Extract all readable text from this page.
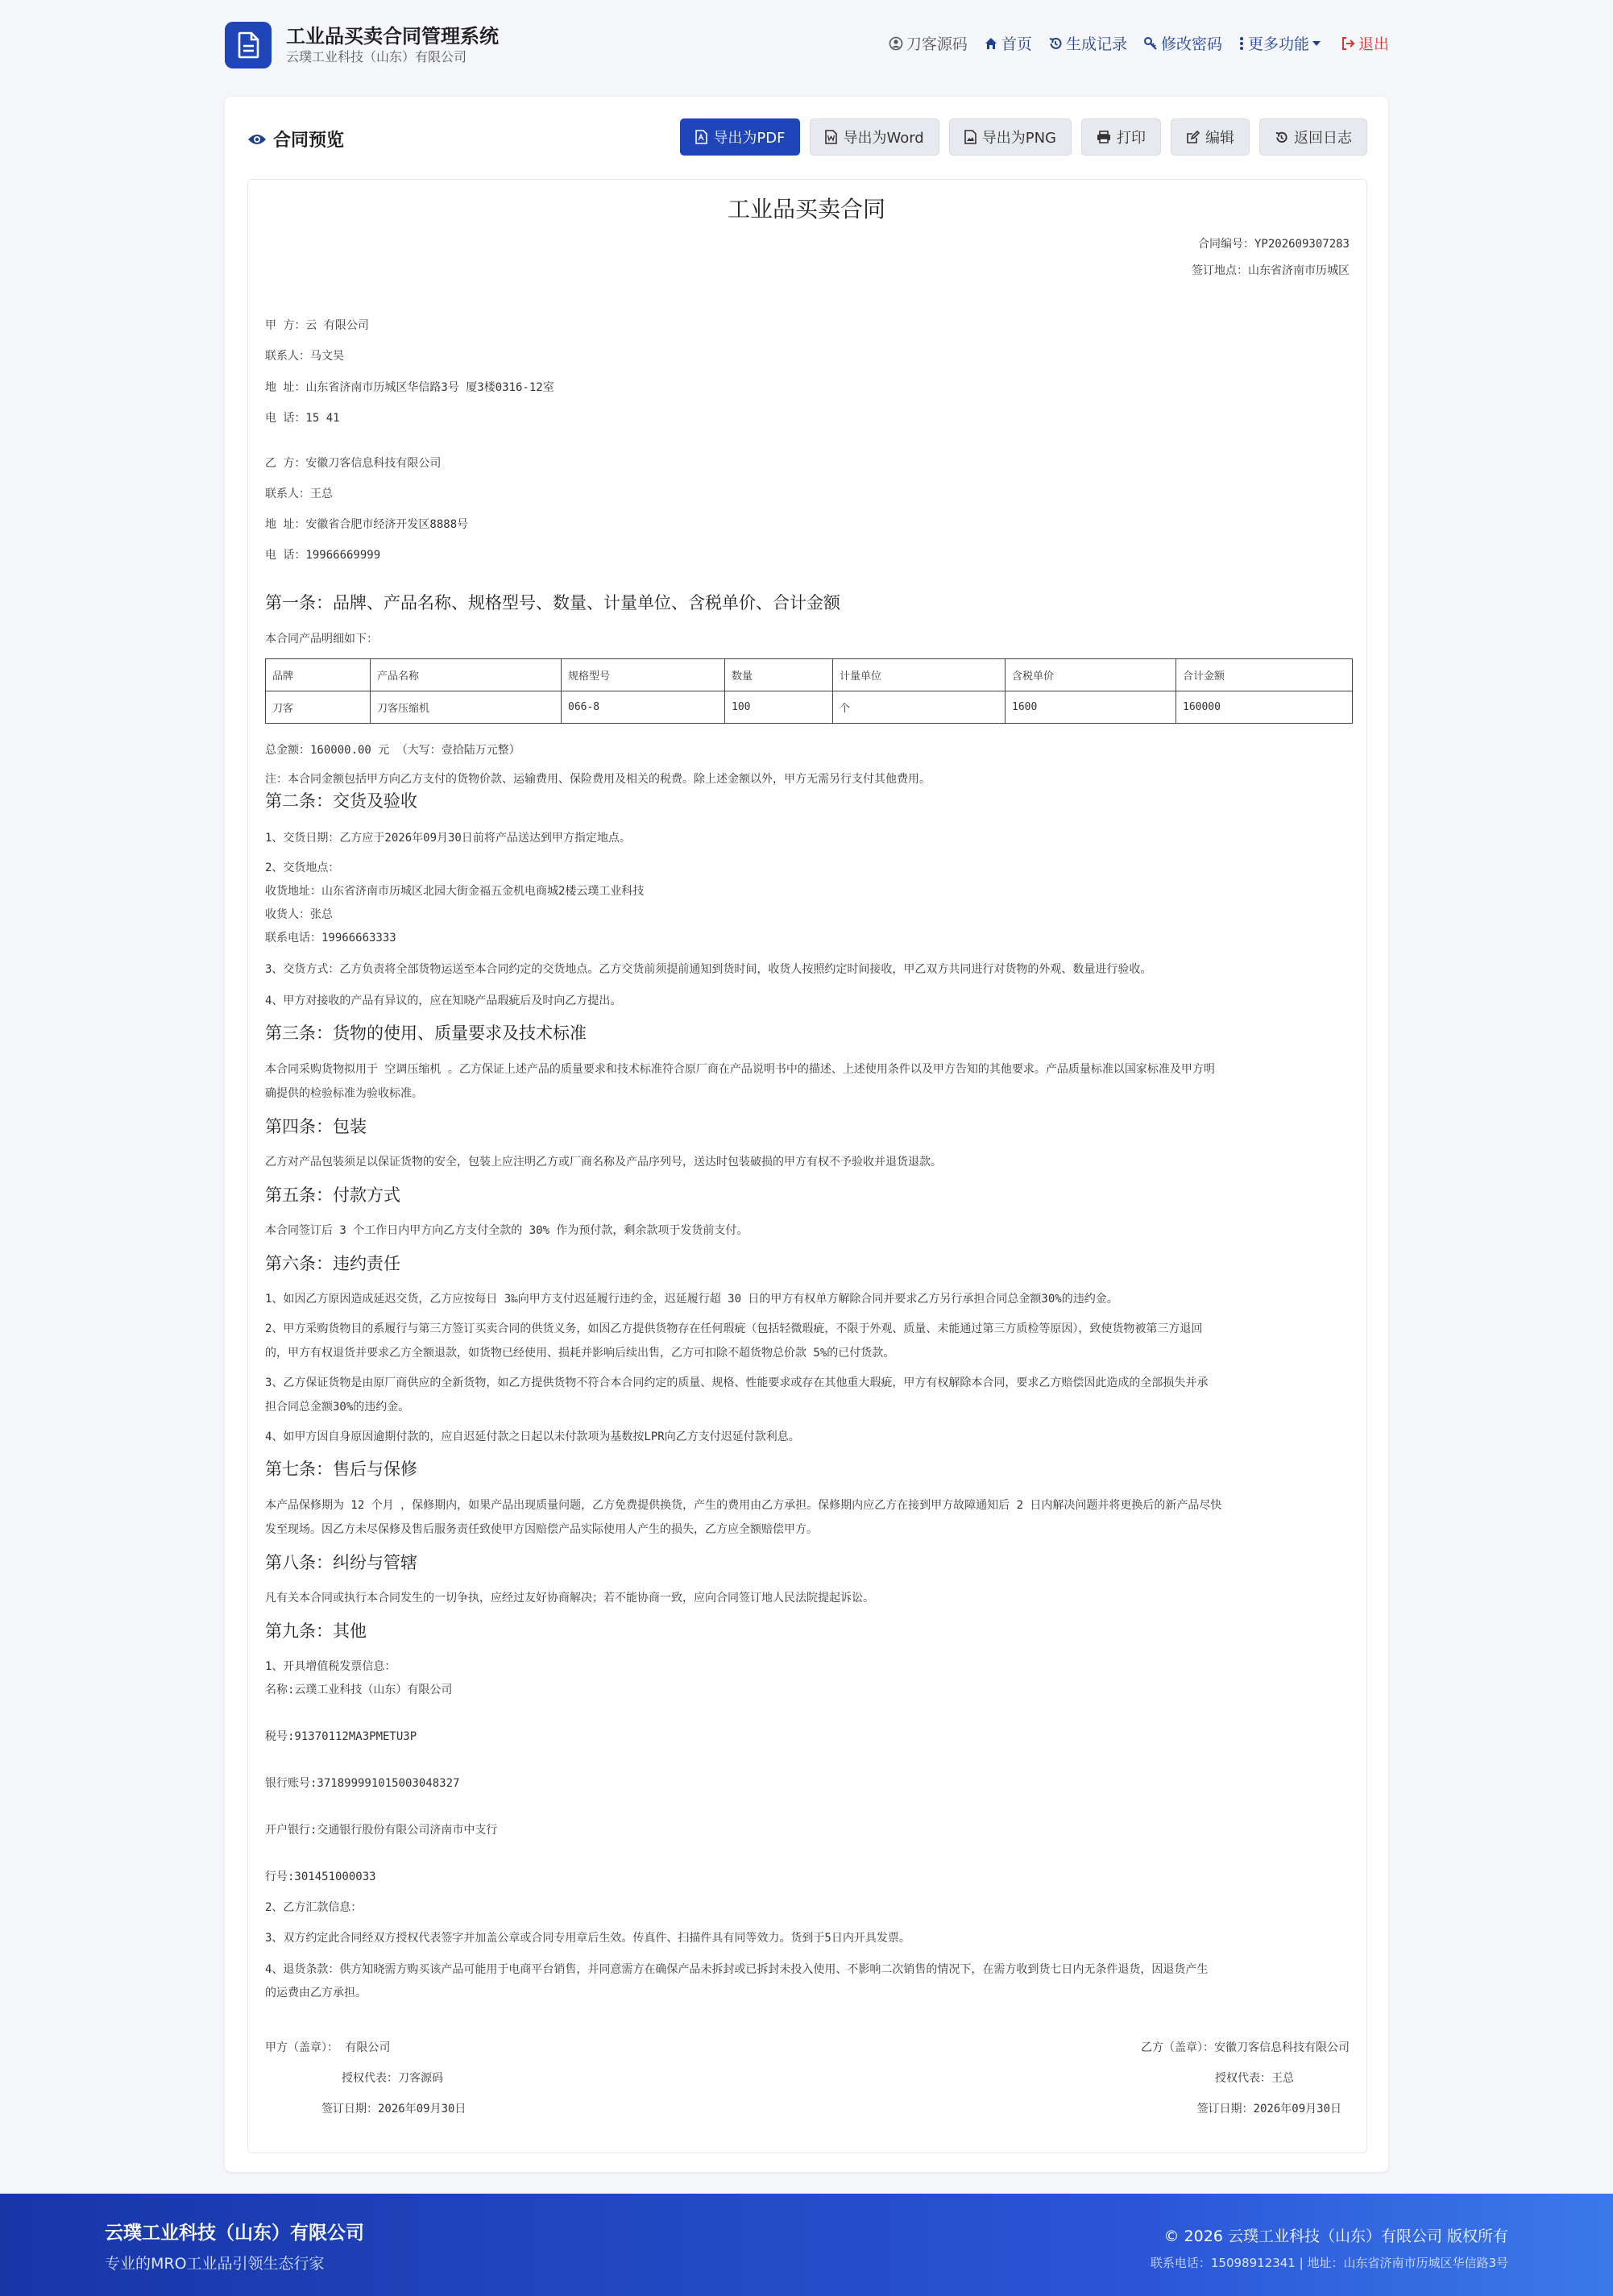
工业品买卖合同管理系统
云璞工业科技（山东）有限公司
刀客源码 首页 生成记录 修改密码 更多功能	退出
合同预览	导出为PDF	导出为Word	导出为PNG	打印	编辑	返回日志
工业品买卖合同
合同编号：YP202609307283
签订地点：山东省济南市历城区
甲 方：云 有限公司
联系人：马文昊
地 址：山东省济南市历城区华信路3号 厦3楼0316-12室
电 话：15 41
乙 方：安徽刀客信息科技有限公司
联系人：王总
地 址：安徽省合肥市经济开发区8888号
电 话：19966669999
第一条：品牌、产品名称、规格型号、数量、计量单位、含税单价、合计金额
本合同产品明细如下：
品牌	产品名称	规格型号	数量	计量单位	含税单价	合计金额
刀客	刀客压缩机	066-8	100	个	1600	160000
总金额：160000.00 元 （大写：壹拾陆万元整）
注：本合同金额包括甲方向乙方支付的货物价款、运输费用、保险费用及相关的税费。除上述金额以外，甲方无需另行支付其他费用。
第二条：交货及验收
1、交货日期：乙方应于2026年09月30日前将产品送达到甲方指定地点。
2、交货地点：
收货地址：山东省济南市历城区北园大街金福五金机电商城2楼云璞工业科技
收货人：张总
联系电话：19966663333
3、交货方式：乙方负责将全部货物运送至本合同约定的交货地点。乙方交货前须提前通知到货时间，收货人按照约定时间接收，甲乙双方共同进行对货物的外观、数量进行验收。
4、甲方对接收的产品有异议的，应在知晓产品瑕疵后及时向乙方提出。
第三条：货物的使用、质量要求及技术标准
本合同采购货物拟用于 空调压缩机 。乙方保证上述产品的质量要求和技术标准符合原厂商在产品说明书中的描述、上述使用条件以及甲方告知的其他要求。产品质量标准以国家标准及甲方明
确提供的检验标准为验收标准。
第四条：包装
乙方对产品包装须足以保证货物的安全，包装上应注明乙方或厂商名称及产品序列号，送达时包装破损的甲方有权不予验收并退货退款。
第五条：付款方式
本合同签订后 3 个工作日内甲方向乙方支付全款的 30% 作为预付款，剩余款项于发货前支付。
第六条：违约责任
1、如因乙方原因造成延迟交货，乙方应按每日 3‰向甲方支付迟延履行违约金，迟延履行超 30 日的甲方有权单方解除合同并要求乙方另行承担合同总金额30%的违约金。
2、甲方采购货物目的系履行与第三方签订买卖合同的供货义务，如因乙方提供货物存在任何瑕疵（包括轻微瑕疵，不限于外观、质量、未能通过第三方质检等原因），致使货物被第三方退回
的，甲方有权退货并要求乙方全额退款，如货物已经使用、损耗并影响后续出售，乙方可扣除不超货物总价款 5%的已付货款。
3、乙方保证货物是由原厂商供应的全新货物，如乙方提供货物不符合本合同约定的质量、规格、性能要求或存在其他重大瑕疵，甲方有权解除本合同，要求乙方赔偿因此造成的全部损失并承
担合同总金额30%的违约金。
4、如甲方因自身原因逾期付款的，应自迟延付款之日起以未付款项为基数按LPR向乙方支付迟延付款利息。
第七条：售后与保修
本产品保修期为 12 个月 ，保修期内，如果产品出现质量问题，乙方免费提供换货，产生的费用由乙方承担。保修期内应乙方在接到甲方故障通知后 2 日内解决问题并将更换后的新产品尽快
发至现场。因乙方未尽保修及售后服务责任致使甲方因赔偿产品实际使用人产生的损失，乙方应全额赔偿甲方。
第八条：纠纷与管辖
凡有关本合同或执行本合同发生的一切争执，应经过友好协商解决；若不能协商一致，应向合同签订地人民法院提起诉讼。
第九条：其他
1、开具增值税发票信息：
名称:云璞工业科技（山东）有限公司
税号:91370112MA3PMETU3P
银行账号:371899991015003048327
开户银行:交通银行股份有限公司济南市中支行
行号:301451000033
2、乙方汇款信息：
3、双方约定此合同经双方授权代表签字并加盖公章或合同专用章后生效。传真件、扫描件具有同等效力。货到于5日内开具发票。
4、退货条款：供方知晓需方购买该产品可能用于电商平台销售，并同意需方在确保产品未拆封或已拆封未投入使用、不影响二次销售的情况下，在需方收到货七日内无条件退货，因退货产生
的运费由乙方承担。
甲方（盖章）： 有限公司
授权代表：刀客源码
签订日期：2026年09月30日
乙方（盖章）：安徽刀客信息科技有限公司
授权代表：王总
签订日期：2026年09月30日
云璞工业科技（山东）有限公司
专业的MRO工业品引领生态行家
© 2026 云璞工业科技（山东）有限公司 版权所有
联系电话：15098912341 | 地址：山东省济南市历城区华信路3号
